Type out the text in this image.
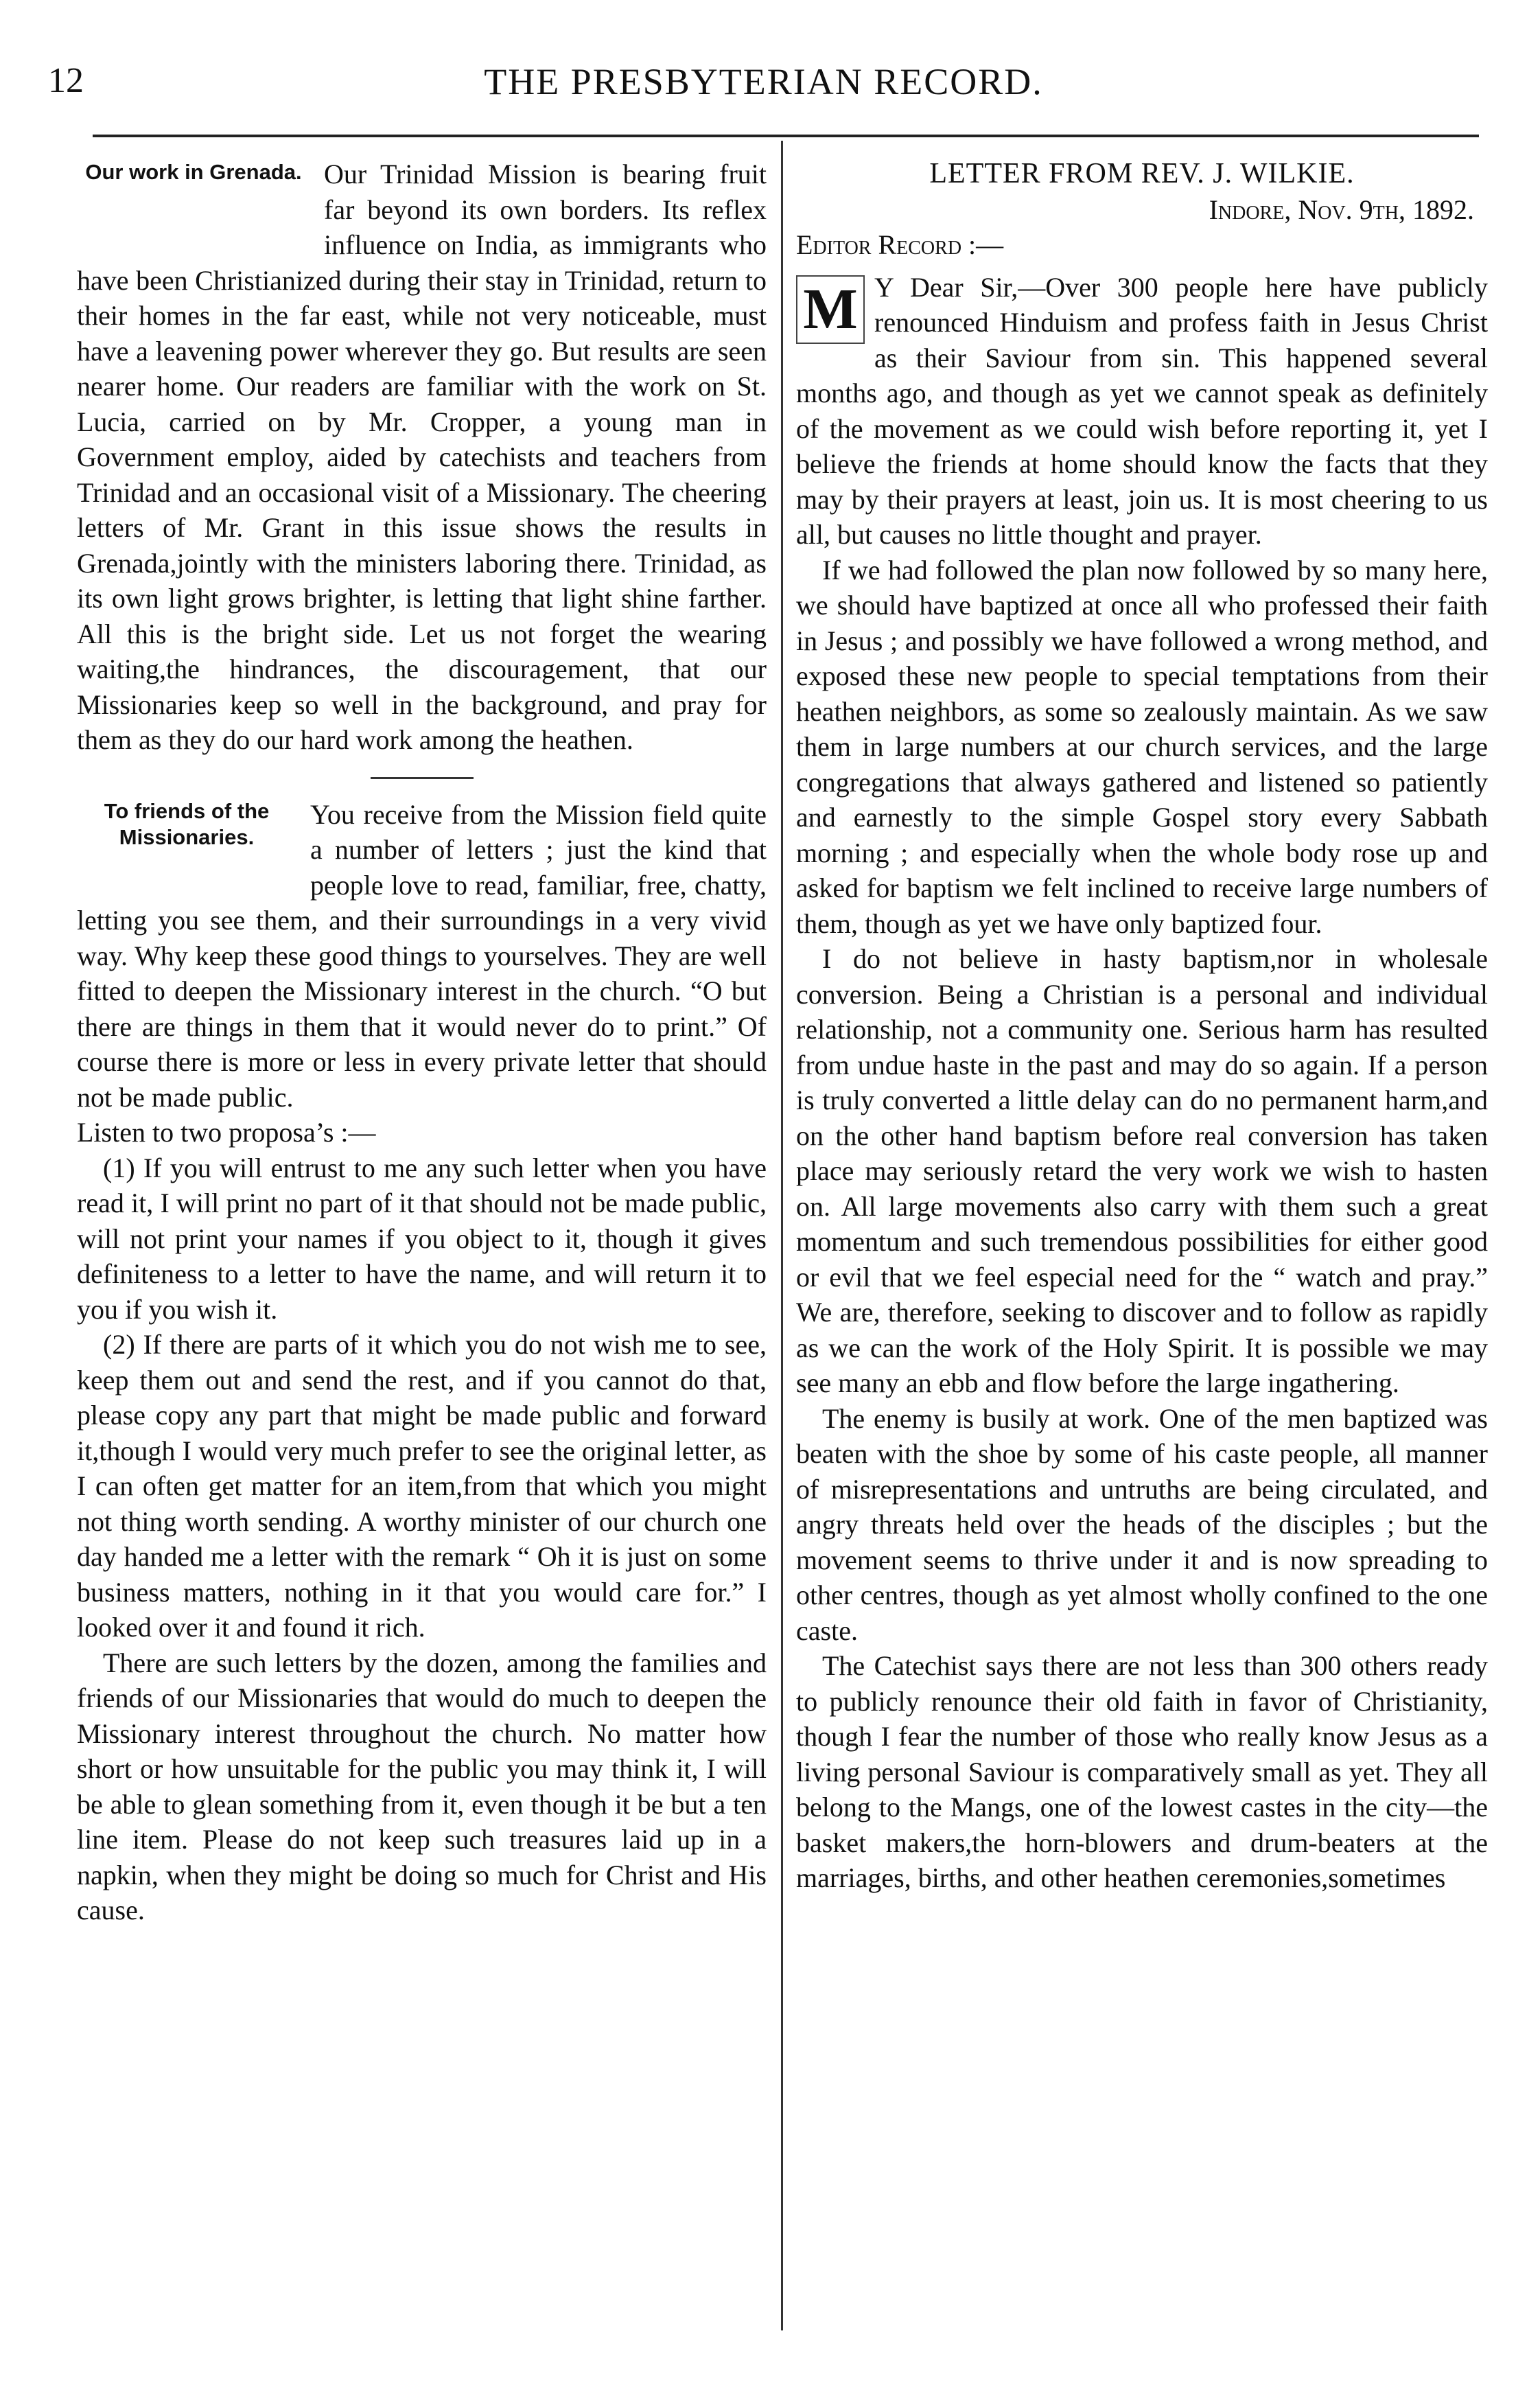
12	THE PRESBYTERIAN RECORD.
Our work in Grenada. Our Trinidad Mission is bearing fruit far beyond its own borders. Its reflex influence on India, as immigrants who have been Christianized during their stay in Trinidad, return to their homes in the far east, while not very noticeable, must have a leavening power wherever they go. But results are seen nearer home. Our readers are familiar with the work on St. Lucia, carried on by Mr. Cropper, a young man in Government employ, aided by catechists and teachers from Trinidad and an occasional visit of a Missionary. The cheering letters of Mr. Grant in this issue shows the results in Grenada,jointly with the ministers laboring there. Trinidad, as its own light grows brighter, is letting that light shine farther. All this is the bright side. Let us not forget the wearing waiting,the hindrances, the discouragement, that our Missionaries keep so well in the background, and pray for them as they do our hard work among the heathen.

To friends of the Missionaries.

You receive from the Mission field quite a number of letters ; just the kind that people love to read, familiar, free, chatty, letting you see them, and their surroundings in a very vivid way. Why keep these good things to yourselves. They are well fitted to deepen the Missionary interest in the church. “O but there are things in them that it would never do to print.” Of course there is more or less in every private letter that should not be made public.

Listen to two proposa’s :—

(1) If you will entrust to me any such letter when you have read it, I will print no part of it that should not be made public, will not print your names if you object to it, though it gives definiteness to a letter to have the name, and will return it to you if you wish it.

(2) If there are parts of it which you do not wish me to see, keep them out and send the rest, and if you cannot do that, please copy any part that might be made public and forward it,though I would very much prefer to see the original letter, as I can often get matter for an item,from that which you might not thing worth sending. A worthy minister of our church one day handed me a letter with the remark “ Oh it is just on some business matters, nothing in it that you would care for.” I looked over it and found it rich.

There are such letters by the dozen, among the families and friends of our Missionaries that would do much to deepen the Missionary interest throughout the church. No matter how short or how unsuitable for the public you may think it, I will be able to glean something from it, even though it be but a ten line item. Please do not keep such treasures laid up in a napkin, when they might be doing so much for Christ and His cause.

LETTER FROM REV. J. WILKIE.

Indore, Nov. 9th, 1892.

Editor Record :—

M Y Dear Sir,—Over 300 people here have publicly renounced Hinduism and profess faith in Jesus Christ as their Saviour from sin. This happened several months ago, and though as yet we cannot speak as definitely of the movement as we could wish before reporting it, yet I believe the friends at home should know the facts that they may by their prayers at least, join us. It is most cheering to us all, but causes no little thought and prayer.

If we had followed the plan now followed by so many here, we should have baptized at once all who professed their faith in Jesus ; and possibly we have followed a wrong method, and exposed these new people to special temptations from their heathen neighbors, as some so zealously maintain. As we saw them in large numbers at our church services, and the large congregations that always gathered and listened so patiently and earnestly to the simple Gospel story every Sabbath morning ; and especially when the whole body rose up and asked for baptism we felt inclined to receive large numbers of them, though as yet we have only baptized four.

I do not believe in hasty baptism,nor in wholesale conversion. Being a Christian is a personal and individual relationship, not a community one. Serious harm has resulted from undue haste in the past and may do so again. If a person is truly converted a little delay can do no permanent harm,and on the other hand baptism before real conversion has taken place may seriously retard the very work we wish to hasten on. All large movements also carry with them such a great momentum and such tremendous possibilities for either good or evil that we feel especial need for the “ watch and pray.” We are, therefore, seeking to discover and to follow as rapidly as we can the work of the Holy Spirit. It is possible we may see many an ebb and flow before the large ingathering.

The enemy is busily at work. One of the men baptized was beaten with the shoe by some of his caste people, all manner of misrepresentations and untruths are being circulated, and angry threats held over the heads of the disciples ; but the movement seems to thrive under it and is now spreading to other centres, though as yet almost wholly confined to the one caste.

The Catechist says there are not less than 300 others ready to publicly renounce their old faith in favor of Christianity, though I fear the number of those who really know Jesus as a living personal Saviour is comparatively small as yet. They all belong to the Mangs, one of the lowest castes in the city—the basket makers,the horn-blowers and drum-beaters at the marriages, births, and other heathen ceremonies,sometimes
